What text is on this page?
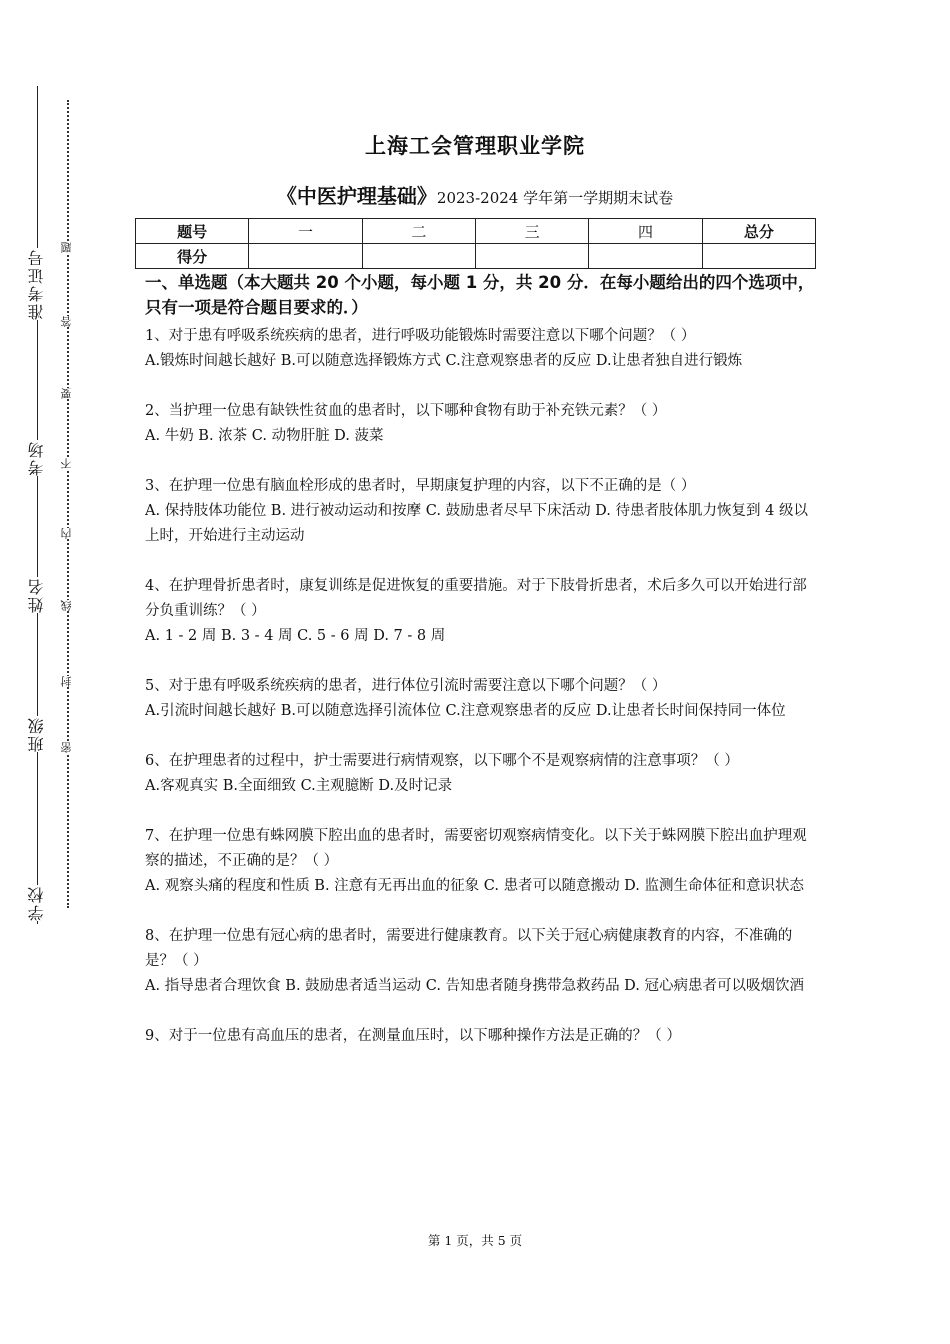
准考证号
考场
姓名
班级
学校
题
答
要
不
内
线
封
密
上海工会管理职业学院
《中医护理基础》2023-2024 学年第一学期期末试卷
题号	一	二	三	四	总分
得分					

一、单选题（本大题共 20 个小题，每小题 1 分，共 20 分．在每小题给出的四个选项中，只有一项是符合题目要求的．）

1、对于患有呼吸系统疾病的患者，进行呼吸功能锻炼时需要注意以下哪个问题？（ ）

A.锻炼时间越长越好 B.可以随意选择锻炼方式 C.注意观察患者的反应 D.让患者独自进行锻炼

2、当护理一位患有缺铁性贫血的患者时，以下哪种食物有助于补充铁元素？（ ）

A. 牛奶 B. 浓茶 C. 动物肝脏 D. 菠菜

3、在护理一位患有脑血栓形成的患者时，早期康复护理的内容，以下不正确的是（ ）

A. 保持肢体功能位 B. 进行被动运动和按摩 C. 鼓励患者尽早下床活动 D. 待患者肢体肌力恢复到 4 级以上时，开始进行主动运动

4、在护理骨折患者时，康复训练是促进恢复的重要措施。对于下肢骨折患者，术后多久可以开始进行部分负重训练？（ ）

A. 1 - 2 周 B. 3 - 4 周 C. 5 - 6 周 D. 7 - 8 周

5、对于患有呼吸系统疾病的患者，进行体位引流时需要注意以下哪个问题？（ ）

A.引流时间越长越好 B.可以随意选择引流体位 C.注意观察患者的反应 D.让患者长时间保持同一体位

6、在护理患者的过程中，护士需要进行病情观察，以下哪个不是观察病情的注意事项？（ ）

A.客观真实 B.全面细致 C.主观臆断 D.及时记录

7、在护理一位患有蛛网膜下腔出血的患者时，需要密切观察病情变化。以下关于蛛网膜下腔出血护理观察的描述，不正确的是？（ ）

A. 观察头痛的程度和性质 B. 注意有无再出血的征象 C. 患者可以随意搬动 D. 监测生命体征和意识状态

8、在护理一位患有冠心病的患者时，需要进行健康教育。以下关于冠心病健康教育的内容，不准确的是？（ ）

A. 指导患者合理饮食 B. 鼓励患者适当运动 C. 告知患者随身携带急救药品 D. 冠心病患者可以吸烟饮酒

9、对于一位患有高血压的患者，在测量血压时，以下哪种操作方法是正确的？（ ）

第 1 页，共 5 页
